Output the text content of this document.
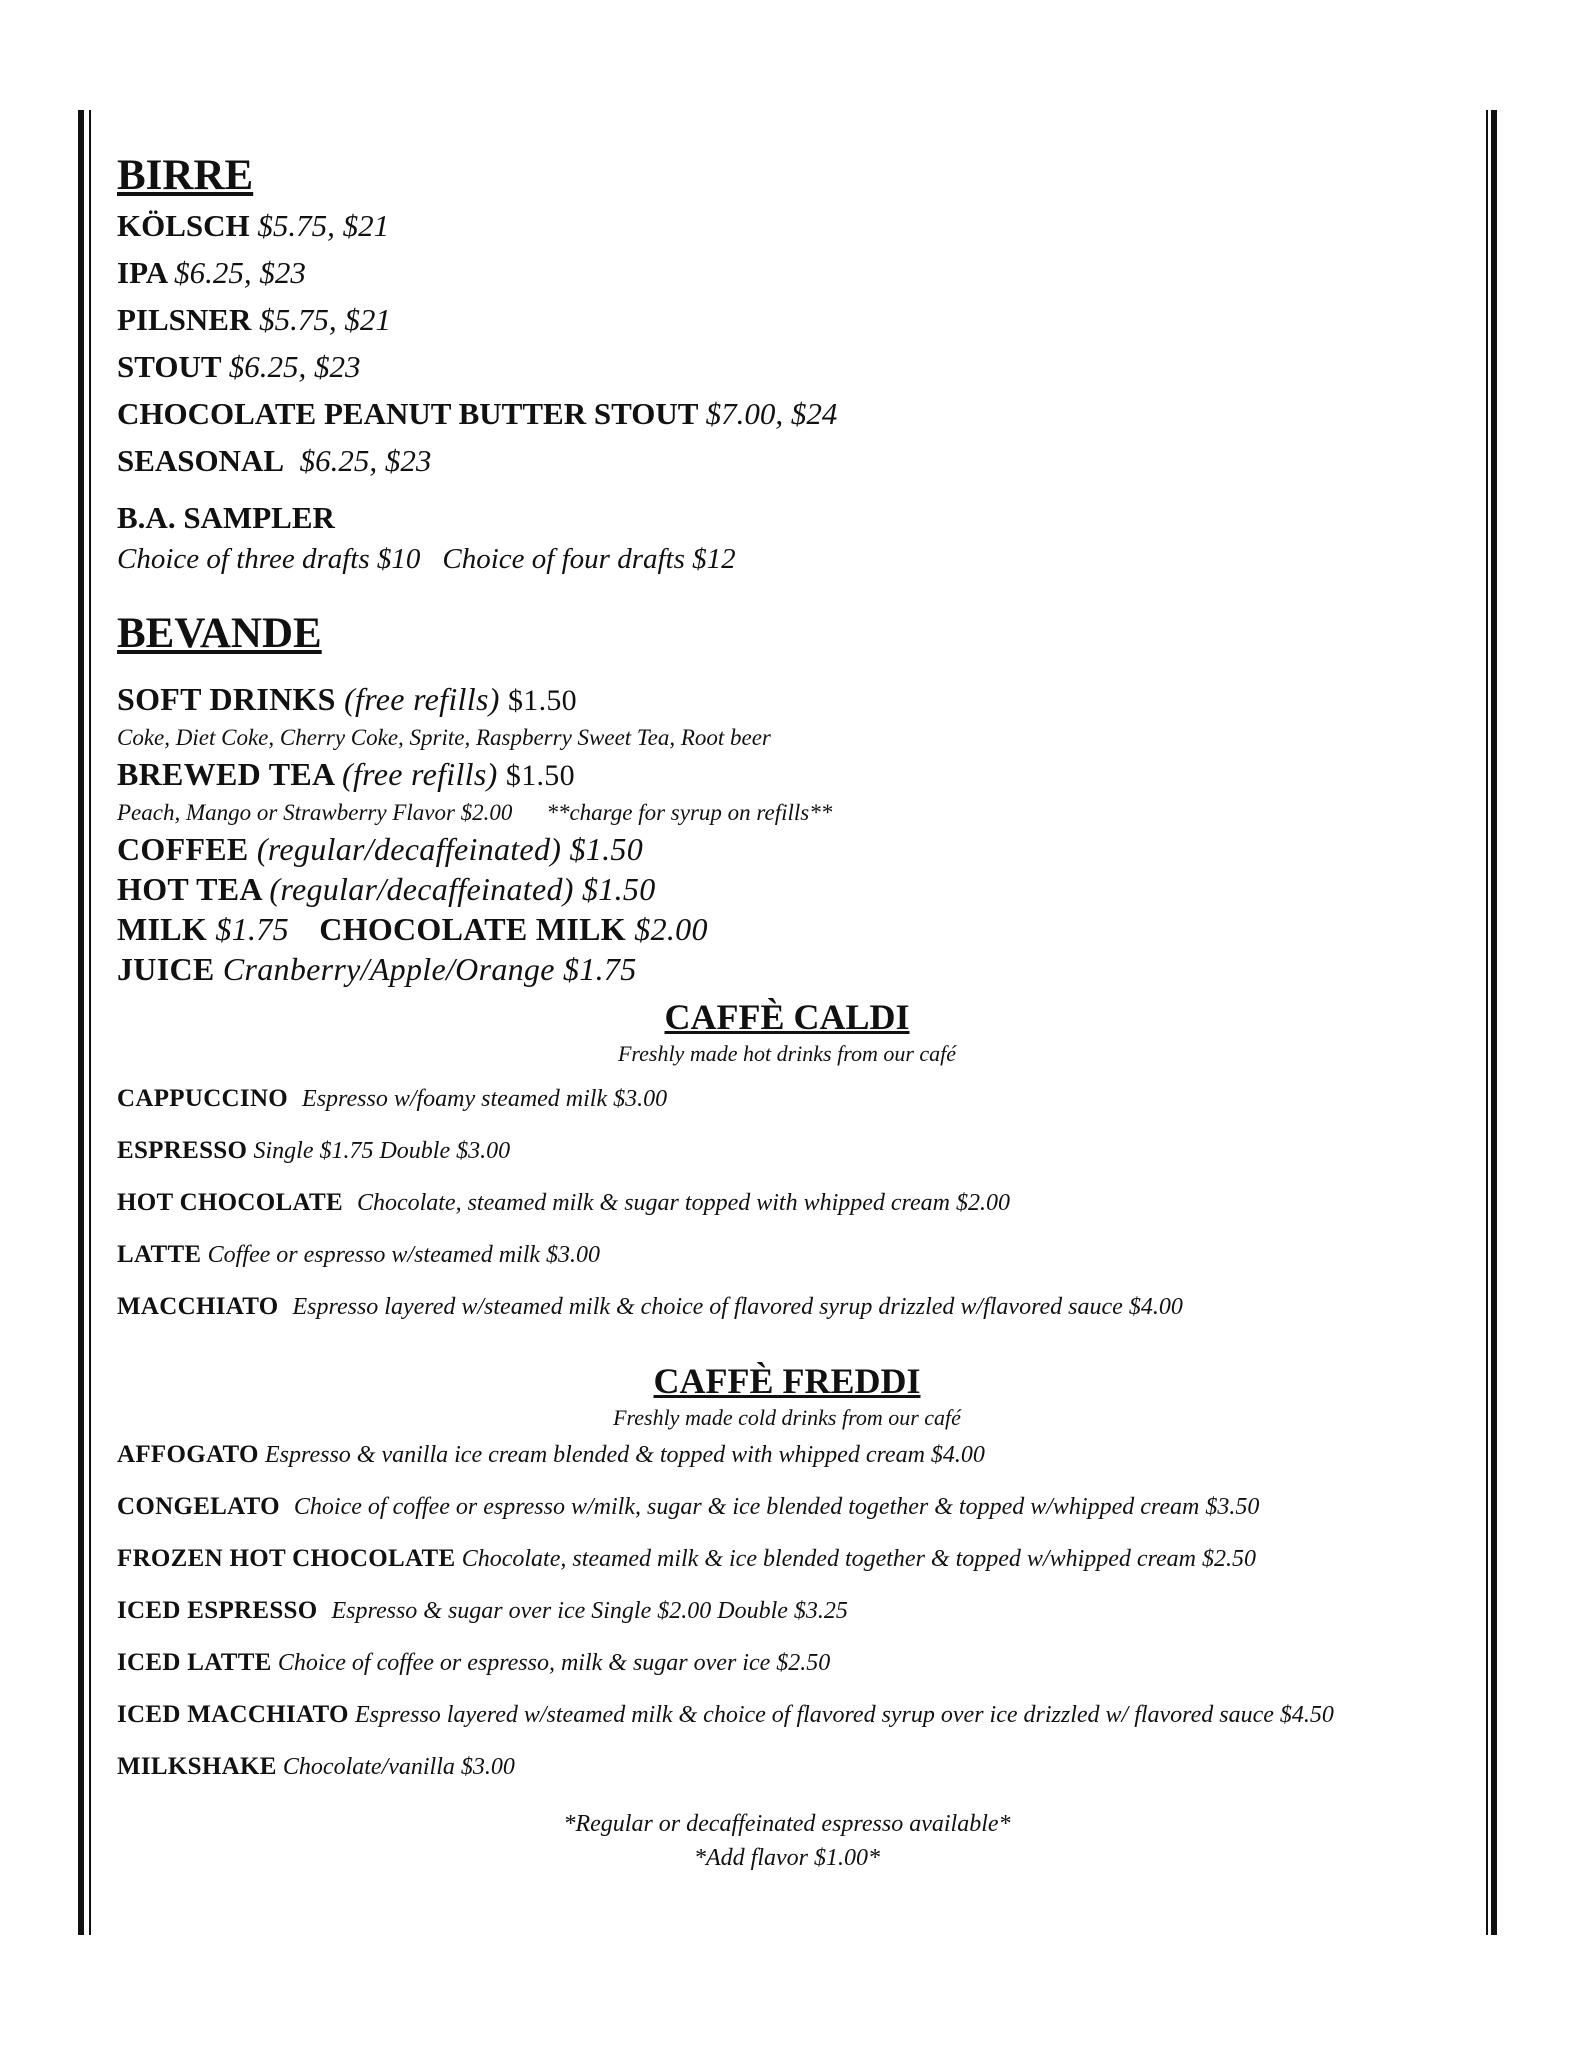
BIRRE
KÖLSCH $5.75, $21
IPA $6.25, $23
PILSNER $5.75, $21
STOUT $6.25, $23
CHOCOLATE PEANUT BUTTER STOUT $7.00, $24
SEASONAL $6.25, $23
B.A. SAMPLER
Choice of three drafts $10 Choice of four drafts $12
BEVANDE
SOFT DRINKS (free refills) $1.50
Coke, Diet Coke, Cherry Coke, Sprite, Raspberry Sweet Tea, Root beer
BREWED TEA (free refills) $1.50
Peach, Mango or Strawberry Flavor $2.00 **charge for syrup on refills**
COFFEE (regular/decaffeinated) $1.50
HOT TEA (regular/decaffeinated) $1.50
MILK $1.75 CHOCOLATE MILK $2.00
JUICE Cranberry/Apple/Orange $1.75
CAFFÈ CALDI
Freshly made hot drinks from our café
CAPPUCCINO Espresso w/foamy steamed milk $3.00
ESPRESSO Single $1.75 Double $3.00
HOT CHOCOLATE Chocolate, steamed milk & sugar topped with whipped cream $2.00
LATTE Coffee or espresso w/steamed milk $3.00
MACCHIATO Espresso layered w/steamed milk & choice of flavored syrup drizzled w/flavored sauce $4.00
CAFFÈ FREDDI
Freshly made cold drinks from our café
AFFOGATO Espresso & vanilla ice cream blended & topped with whipped cream $4.00
CONGELATO Choice of coffee or espresso w/milk, sugar & ice blended together & topped w/whipped cream $3.50
FROZEN HOT CHOCOLATE Chocolate, steamed milk & ice blended together & topped w/whipped cream $2.50
ICED ESPRESSO Espresso & sugar over ice Single $2.00 Double $3.25
ICED LATTE Choice of coffee or espresso, milk & sugar over ice $2.50
ICED MACCHIATO Espresso layered w/steamed milk & choice of flavored syrup over ice drizzled w/ flavored sauce $4.50
MILKSHAKE Chocolate/vanilla $3.00
*Regular or decaffeinated espresso available*
*Add flavor $1.00*
